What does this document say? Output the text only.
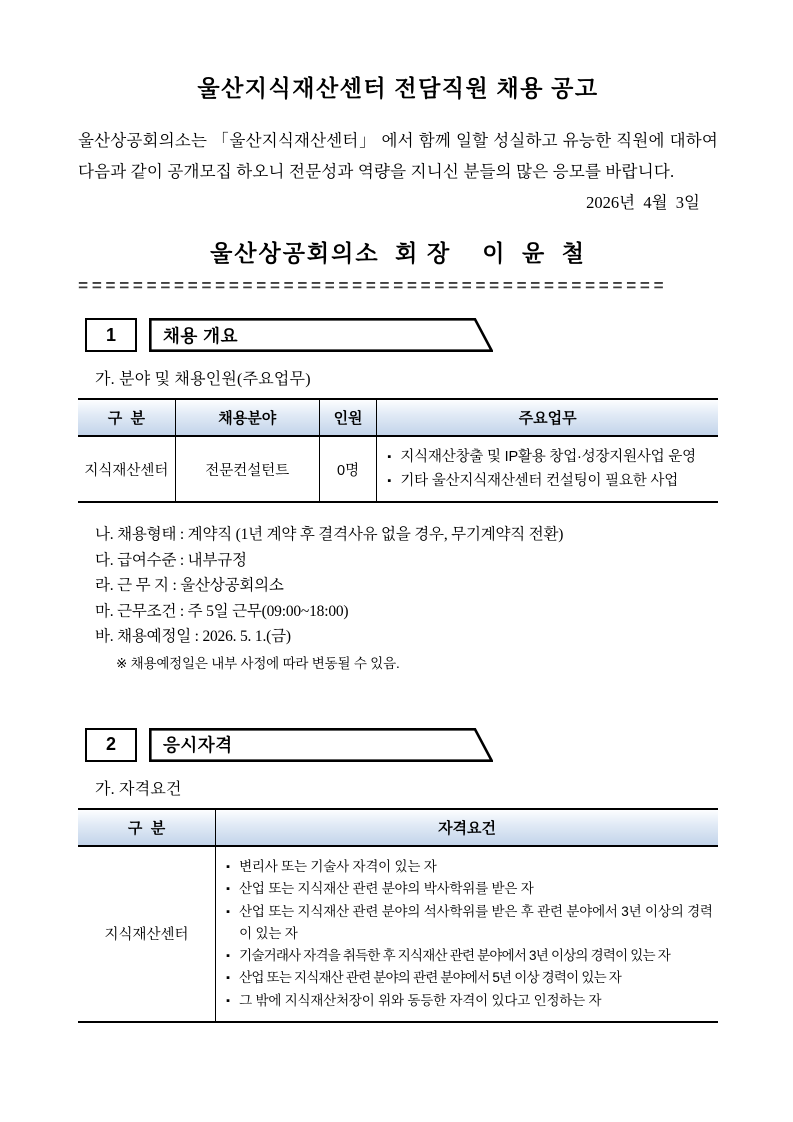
울산지식재산센터 전담직원 채용 공고

울산상공회의소는 「울산지식재산센터」 에서 함께 일할 성실하고 유능한 직원에 대하여 다음과 같이 공개모집 하오니 전문성과 역량을 지니신 분들의 많은 응모를 바랍니다.

2026년  4월  3일
울산상공회의소  회 장    이  윤  철
===========================================
1	채용 개요
가. 분야 및 채용인원(주요업무)
구  분	채용분야	인원	주요업무
지식재산센터	전문컨설턴트	0명	▪ 지식재산창출 및 IP활용 창업·성장지원사업 운영
▪ 기타 울산지식재산센터 컨설팅이 필요한 사업
나. 채용형태 : 계약직 (1년 계약 후 결격사유 없을 경우, 무기계약직 전환)
다. 급여수준 : 내부규정
라. 근 무 지 : 울산상공회의소
마. 근무조건 : 주 5일 근무(09:00~18:00)
바. 채용예정일 : 2026. 5. 1.(금)
※ 채용예정일은 내부 사정에 따라 변동될 수 있음.
2	응시자격
가. 자격요건
구  분	자격요건
지식재산센터	
▪ 변리사 또는 기술사 자격이 있는 자
▪ 산업 또는 지식재산 관련 분야의 박사학위를 받은 자
▪ 산업 또는 지식재산 관련 분야의 석사학위를 받은 후 관련 분야에서 3년 이상의 경력이 있는 자
▪ 기술거래사 자격을 취득한 후 지식재산 관련 분야에서 3년 이상의 경력이 있는 자
▪ 산업 또는 지식재산 관련 분야의 관련 분야에서 5년 이상 경력이 있는 자
▪ 그 밖에 지식재산처장이 위와 동등한 자격이 있다고 인정하는 자
